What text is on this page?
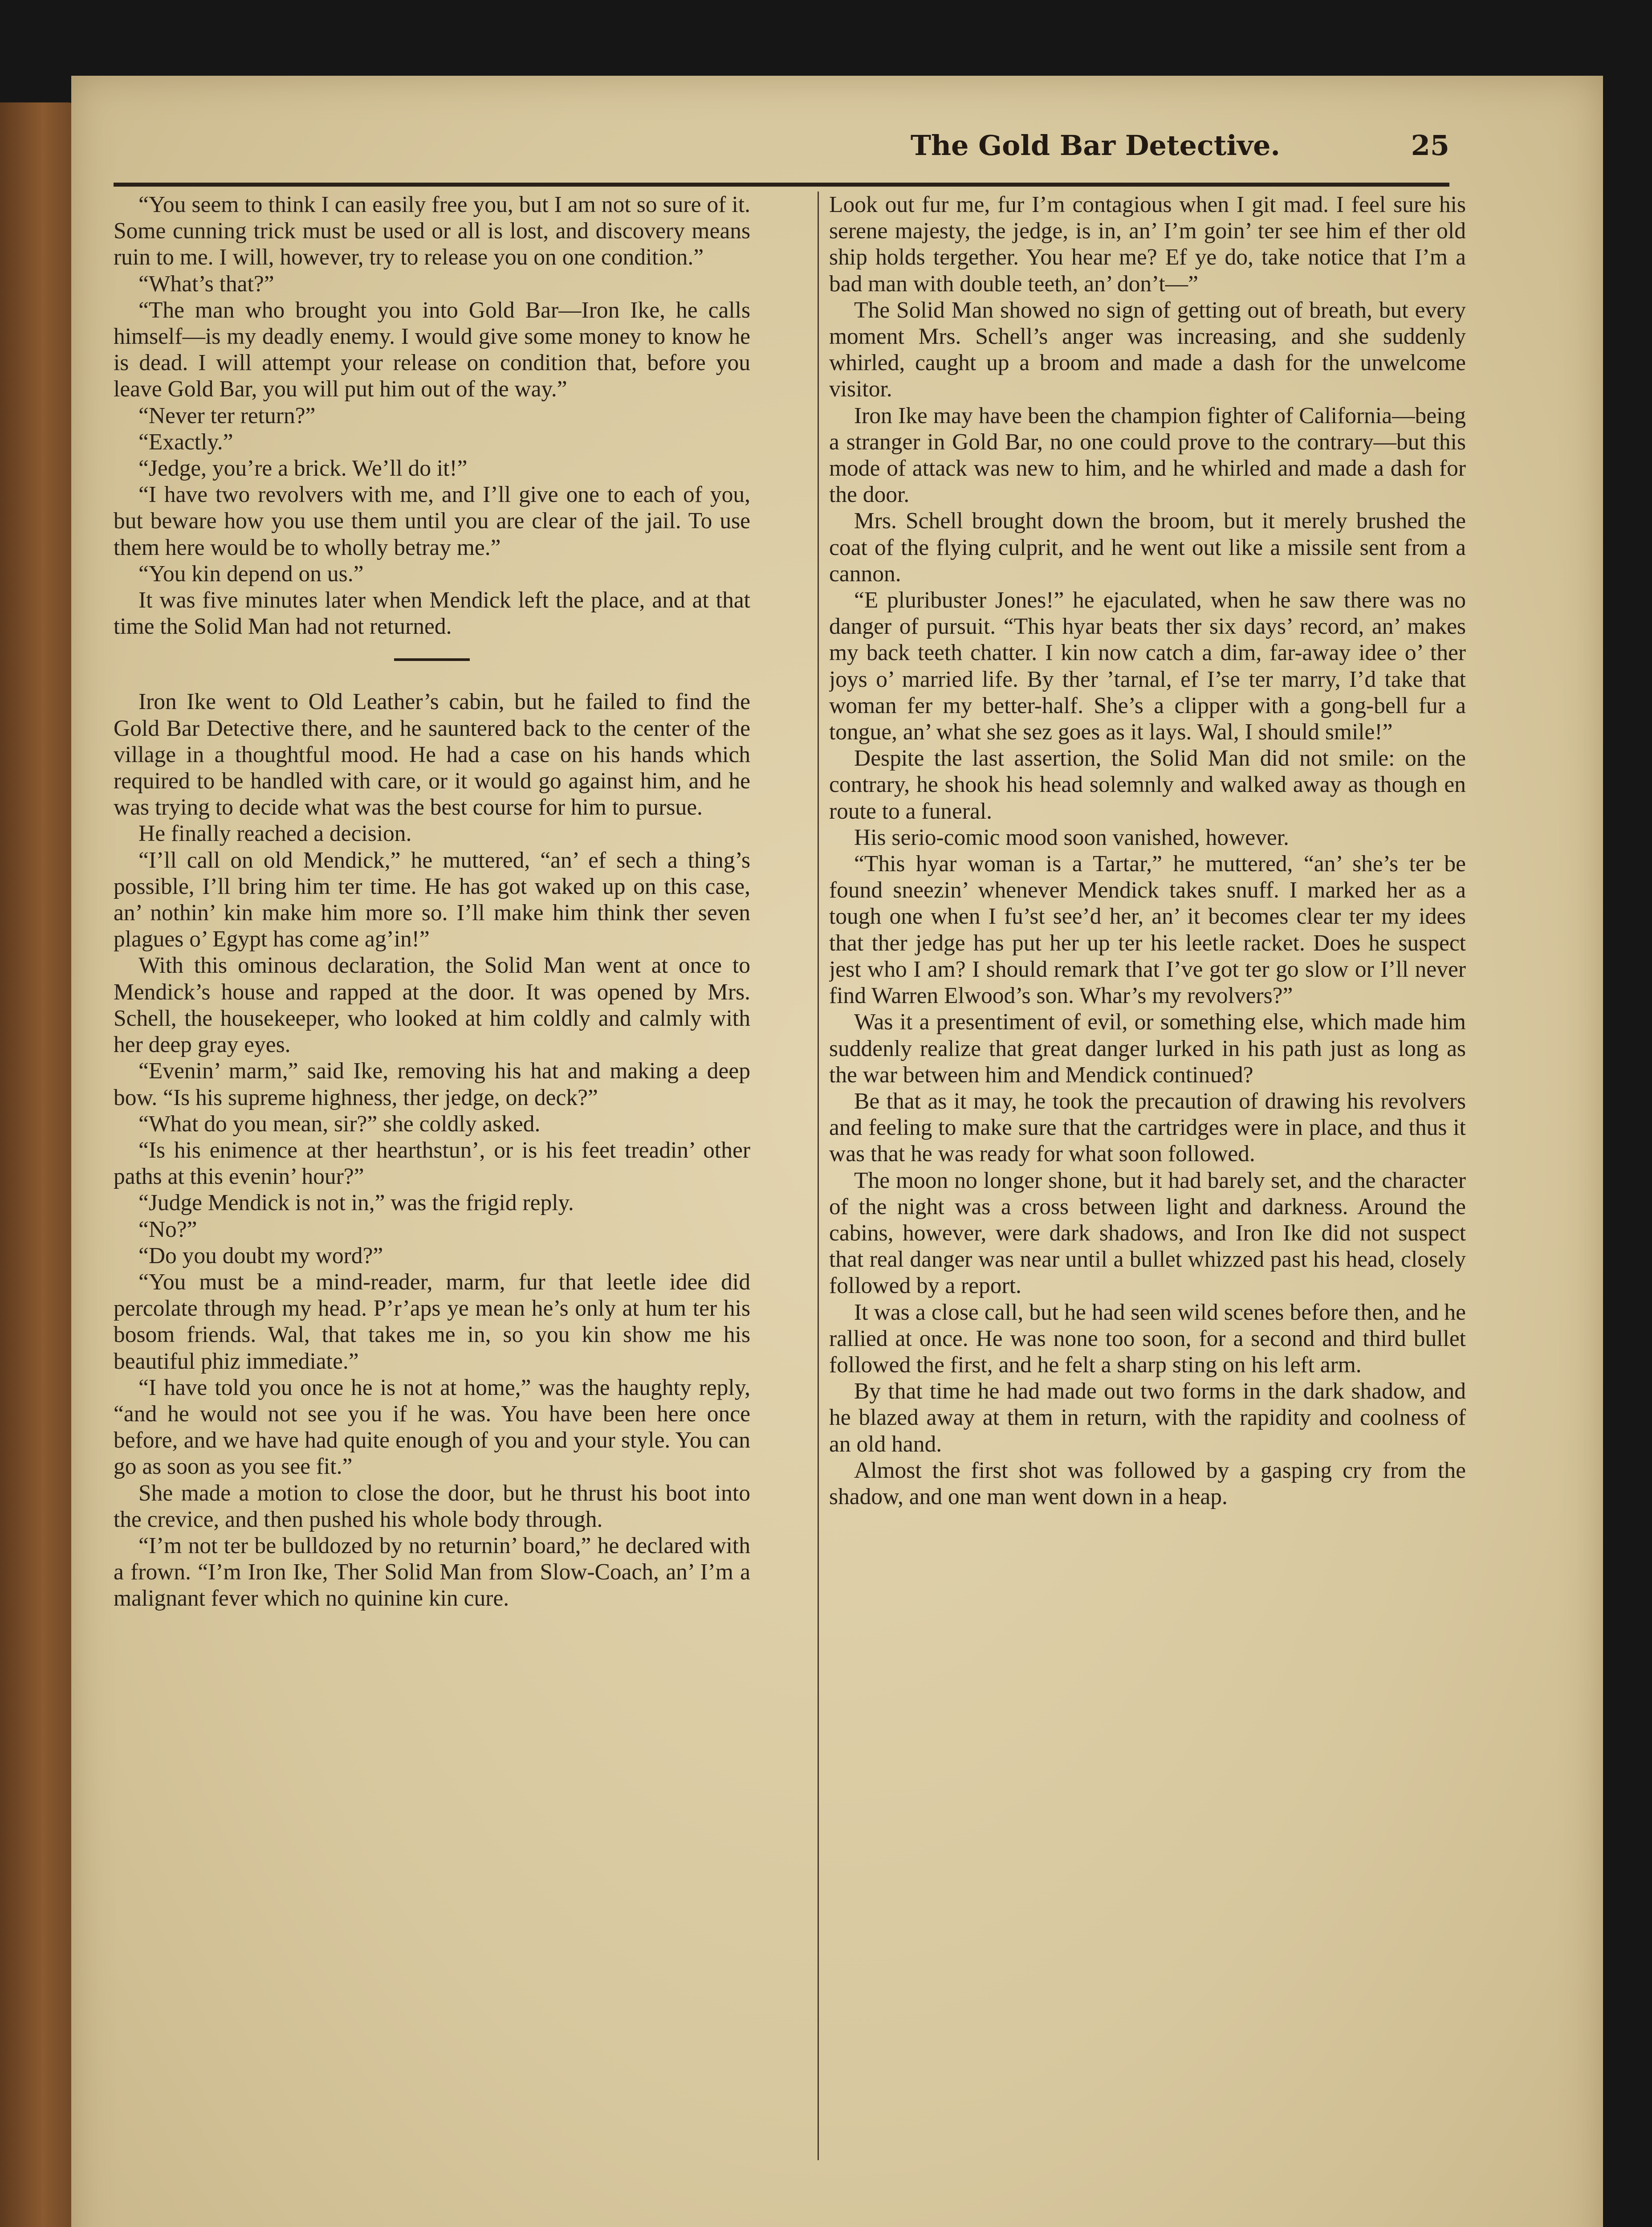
The Gold Bar Detective.	25

“You seem to think I can easily free you, but I am not so sure of it. Some cunning trick must be used or all is lost, and discovery means ruin to me. I will, however, try to release you on one condition.”

“What’s that?”

“The man who brought you into Gold Bar—Iron Ike, he calls himself—is my deadly enemy. I would give some money to know he is dead. I will attempt your release on condition that, before you leave Gold Bar, you will put him out of the way.”

“Never ter return?”

“Exactly.”

“Jedge, you’re a brick. We’ll do it!”

“I have two revolvers with me, and I’ll give one to each of you, but beware how you use them until you are clear of the jail. To use them here would be to wholly betray me.”

“You kin depend on us.”

It was five minutes later when Mendick left the place, and at that time the Solid Man had not returned.

Iron Ike went to Old Leather’s cabin, but he failed to find the Gold Bar Detective there, and he sauntered back to the center of the village in a thoughtful mood. He had a case on his hands which required to be handled with care, or it would go against him, and he was trying to decide what was the best course for him to pursue.

He finally reached a decision.

“I’ll call on old Mendick,” he muttered, “an’ ef sech a thing’s possible, I’ll bring him ter time. He has got waked up on this case, an’ nothin’ kin make him more so. I’ll make him think ther seven plagues o’ Egypt has come ag’in!”

With this ominous declaration, the Solid Man went at once to Mendick’s house and rapped at the door. It was opened by Mrs. Schell, the housekeeper, who looked at him coldly and calmly with her deep gray eyes.

“Evenin’ marm,” said Ike, removing his hat and making a deep bow. “Is his supreme highness, ther jedge, on deck?”

“What do you mean, sir?” she coldly asked.

“Is his enimence at ther hearthstun’, or is his feet treadin’ other paths at this evenin’ hour?”

“Judge Mendick is not in,” was the frigid reply.

“No?”

“Do you doubt my word?”

“You must be a mind-reader, marm, fur that leetle idee did percolate through my head. P’r’aps ye mean he’s only at hum ter his bosom friends. Wal, that takes me in, so you kin show me his beautiful phiz immediate.”

“I have told you once he is not at home,” was the haughty reply, “and he would not see you if he was. You have been here once before, and we have had quite enough of you and your style. You can go as soon as you see fit.”

She made a motion to close the door, but he thrust his boot into the crevice, and then pushed his whole body through.

“I’m not ter be bulldozed by no returnin’ board,” he declared with a frown. “I’m Iron Ike, Ther Solid Man from Slow-Coach, an’ I’m a malignant fever which no quinine kin cure.

Look out fur me, fur I’m contagious when I git mad. I feel sure his serene majesty, the jedge, is in, an’ I’m goin’ ter see him ef ther old ship holds tergether. You hear me? Ef ye do, take notice that I’m a bad man with double teeth, an’ don’t—”

The Solid Man showed no sign of getting out of breath, but every moment Mrs. Schell’s anger was increasing, and she suddenly whirled, caught up a broom and made a dash for the unwelcome visitor.

Iron Ike may have been the champion fighter of California—being a stranger in Gold Bar, no one could prove to the contrary—but this mode of attack was new to him, and he whirled and made a dash for the door.

Mrs. Schell brought down the broom, but it merely brushed the coat of the flying culprit, and he went out like a missile sent from a cannon.

“E pluribuster Jones!” he ejaculated, when he saw there was no danger of pursuit. “This hyar beats ther six days’ record, an’ makes my back teeth chatter. I kin now catch a dim, far-away idee o’ ther joys o’ married life. By ther ’tarnal, ef I’se ter marry, I’d take that woman fer my better-half. She’s a clipper with a gong-bell fur a tongue, an’ what she sez goes as it lays. Wal, I should smile!”

Despite the last assertion, the Solid Man did not smile: on the contrary, he shook his head solemnly and walked away as though en route to a funeral.

His serio-comic mood soon vanished, however.

“This hyar woman is a Tartar,” he muttered, “an’ she’s ter be found sneezin’ whenever Mendick takes snuff. I marked her as a tough one when I fu’st see’d her, an’ it becomes clear ter my idees that ther jedge has put her up ter his leetle racket. Does he suspect jest who I am? I should remark that I’ve got ter go slow or I’ll never find Warren Elwood’s son. Whar’s my revolvers?”

Was it a presentiment of evil, or something else, which made him suddenly realize that great danger lurked in his path just as long as the war between him and Mendick continued?

Be that as it may, he took the precaution of drawing his revolvers and feeling to make sure that the cartridges were in place, and thus it was that he was ready for what soon followed.

The moon no longer shone, but it had barely set, and the character of the night was a cross between light and darkness. Around the cabins, however, were dark shadows, and Iron Ike did not suspect that real danger was near until a bullet whizzed past his head, closely followed by a report.

It was a close call, but he had seen wild scenes before then, and he rallied at once. He was none too soon, for a second and third bullet followed the first, and he felt a sharp sting on his left arm.

By that time he had made out two forms in the dark shadow, and he blazed away at them in return, with the rapidity and coolness of an old hand.

Almost the first shot was followed by a gasping cry from the shadow, and one man went down in a heap.
